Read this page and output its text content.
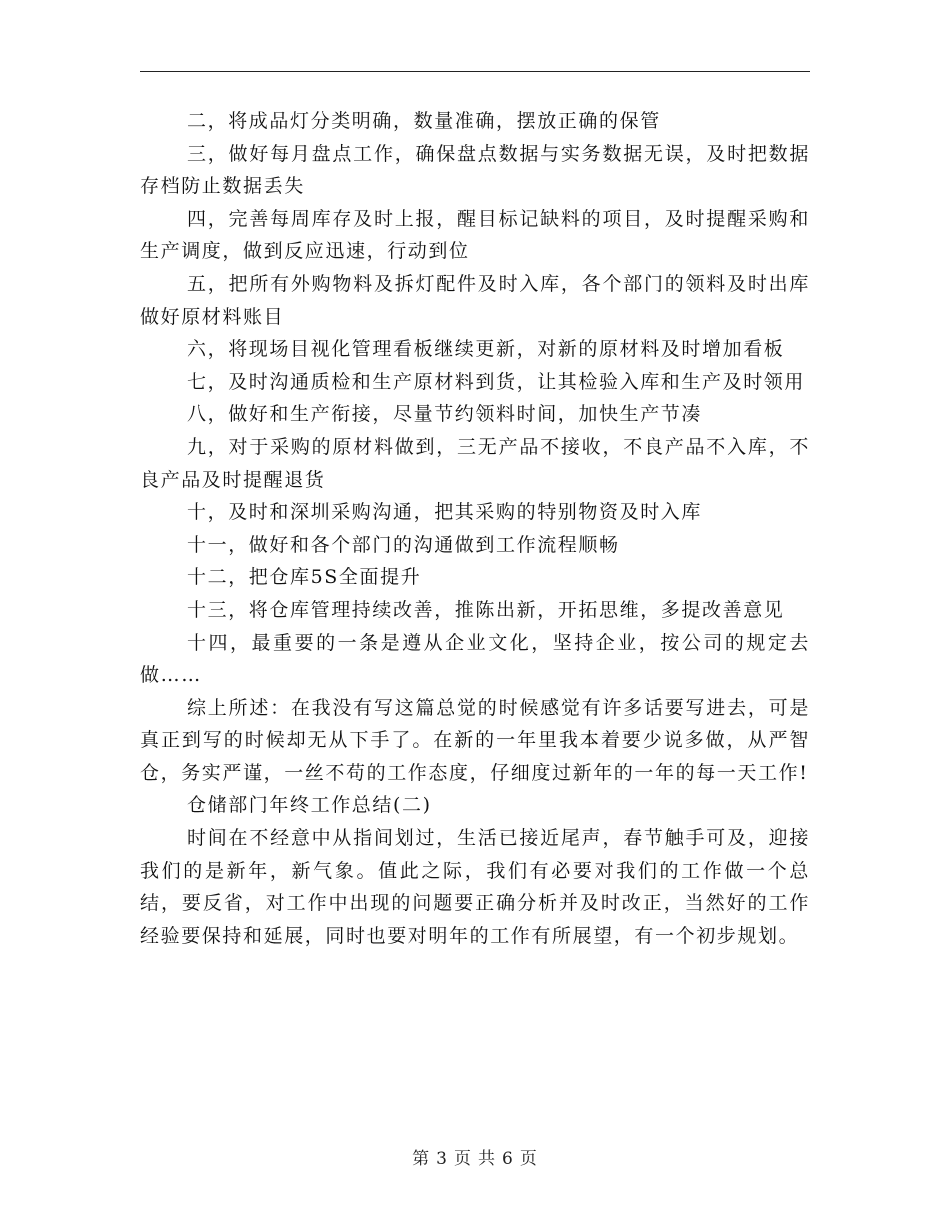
二，将成品灯分类明确，数量准确，摆放正确的保管

三，做好每月盘点工作，确保盘点数据与实务数据无误，及时把数据存档防止数据丢失

四，完善每周库存及时上报，醒目标记缺料的项目，及时提醒采购和生产调度，做到反应迅速，行动到位

五，把所有外购物料及拆灯配件及时入库，各个部门的领料及时出库做好原材料账目

六，将现场目视化管理看板继续更新，对新的原材料及时增加看板

七，及时沟通质检和生产原材料到货，让其检验入库和生产及时领用

八，做好和生产衔接，尽量节约领料时间，加快生产节凑

九，对于采购的原材料做到，三无产品不接收，不良产品不入库，不良产品及时提醒退货

十，及时和深圳采购沟通，把其采购的特别物资及时入库

十一，做好和各个部门的沟通做到工作流程顺畅

十二，把仓库5S全面提升

十三，将仓库管理持续改善，推陈出新，开拓思维，多提改善意见

十四，最重要的一条是遵从企业文化，坚持企业，按公司的规定去做……

综上所述：在我没有写这篇总觉的时候感觉有许多话要写进去，可是真正到写的时候却无从下手了。在新的一年里我本着要少说多做，从严智仓，务实严谨，一丝不苟的工作态度，仔细度过新年的一年的每一天工作!

仓储部门年终工作总结(二)

时间在不经意中从指间划过，生活已接近尾声，春节触手可及，迎接我们的是新年，新气象。值此之际，我们有必要对我们的工作做一个总结，要反省，对工作中出现的问题要正确分析并及时改正，当然好的工作经验要保持和延展，同时也要对明年的工作有所展望，有一个初步规划。

第 3 页 共 6 页
